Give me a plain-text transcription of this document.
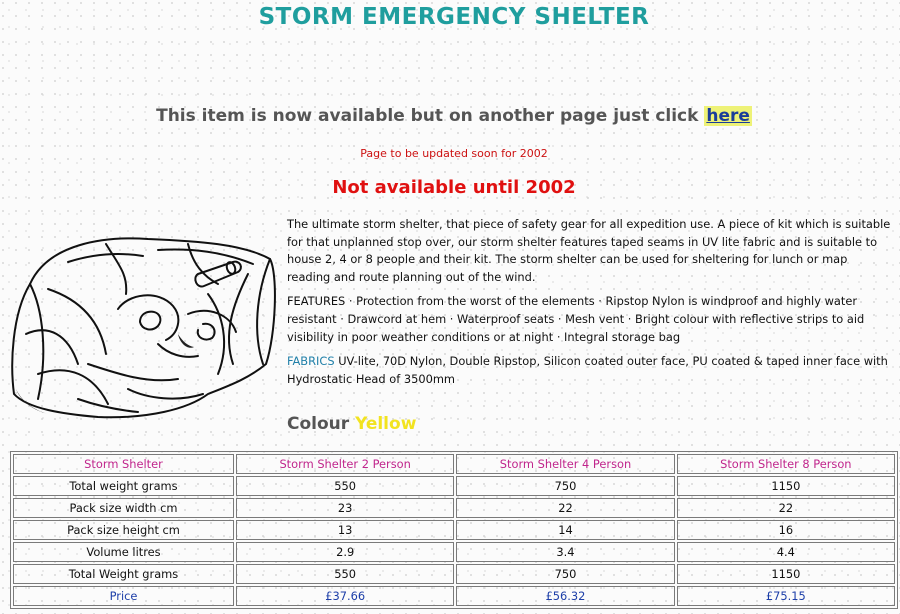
STORM EMERGENCY SHELTER
This item is now available but on another page just click here
Page to be updated soon for 2002
Not available until 2002

The ultimate storm shelter, that piece of safety gear for all expedition use. A piece of kit which is suitable for that unplanned stop over, our storm shelter features taped seams in UV lite fabric and is suitable to house 2, 4 or 8 people and their kit. The storm shelter can be used for sheltering for lunch or map reading and route planning out of the wind.

FEATURES · Protection from the worst of the elements · Ripstop Nylon is windproof and highly water resistant · Drawcord at hem · Waterproof seats · Mesh vent · Bright colour with reflective strips to aid visibility in poor weather conditions or at night · Integral storage bag

FABRICS UV-lite, 70D Nylon, Double Ripstop, Silicon coated outer face, PU coated & taped inner face with Hydrostatic Head of 3500mm

Colour Yellow
Storm Shelter	Storm Shelter 2 Person	Storm Shelter 4 Person	Storm Shelter 8 Person
Total weight grams	550	750	1150
Pack size width cm	23	22	22
Pack size height cm	13	14	16
Volume litres	2.9	3.4	4.4
Total Weight grams	550	750	1150
Price	£37.66	£56.32	£75.15
